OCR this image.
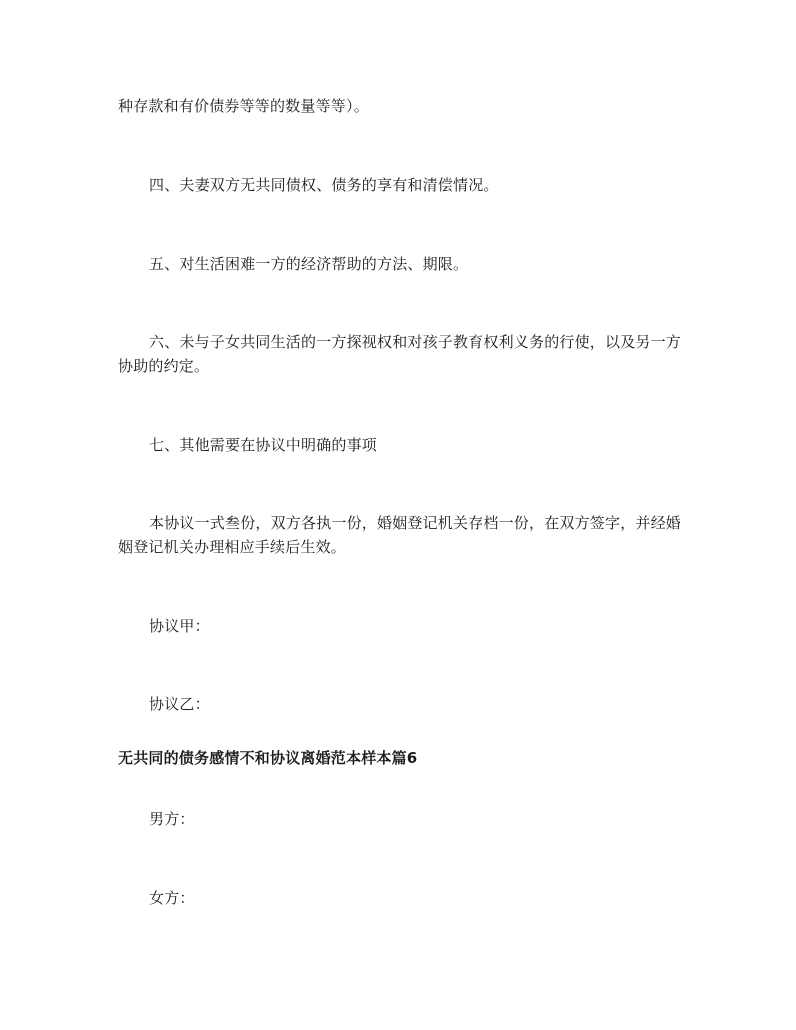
种存款和有价债券等等的数量等等）。
四、夫妻双方无共同债权、债务的享有和清偿情况。
五、对生活困难一方的经济帮助的方法、期限。
六、未与子女共同生活的一方探视权和对孩子教育权利义务的行使，以及另一方协助的约定。
七、其他需要在协议中明确的事项
本协议一式叁份，双方各执一份，婚姻登记机关存档一份，在双方签字，并经婚姻登记机关办理相应手续后生效。
协议甲：
协议乙：
无共同的债务感情不和协议离婚范本样本篇6
男方：
女方：
